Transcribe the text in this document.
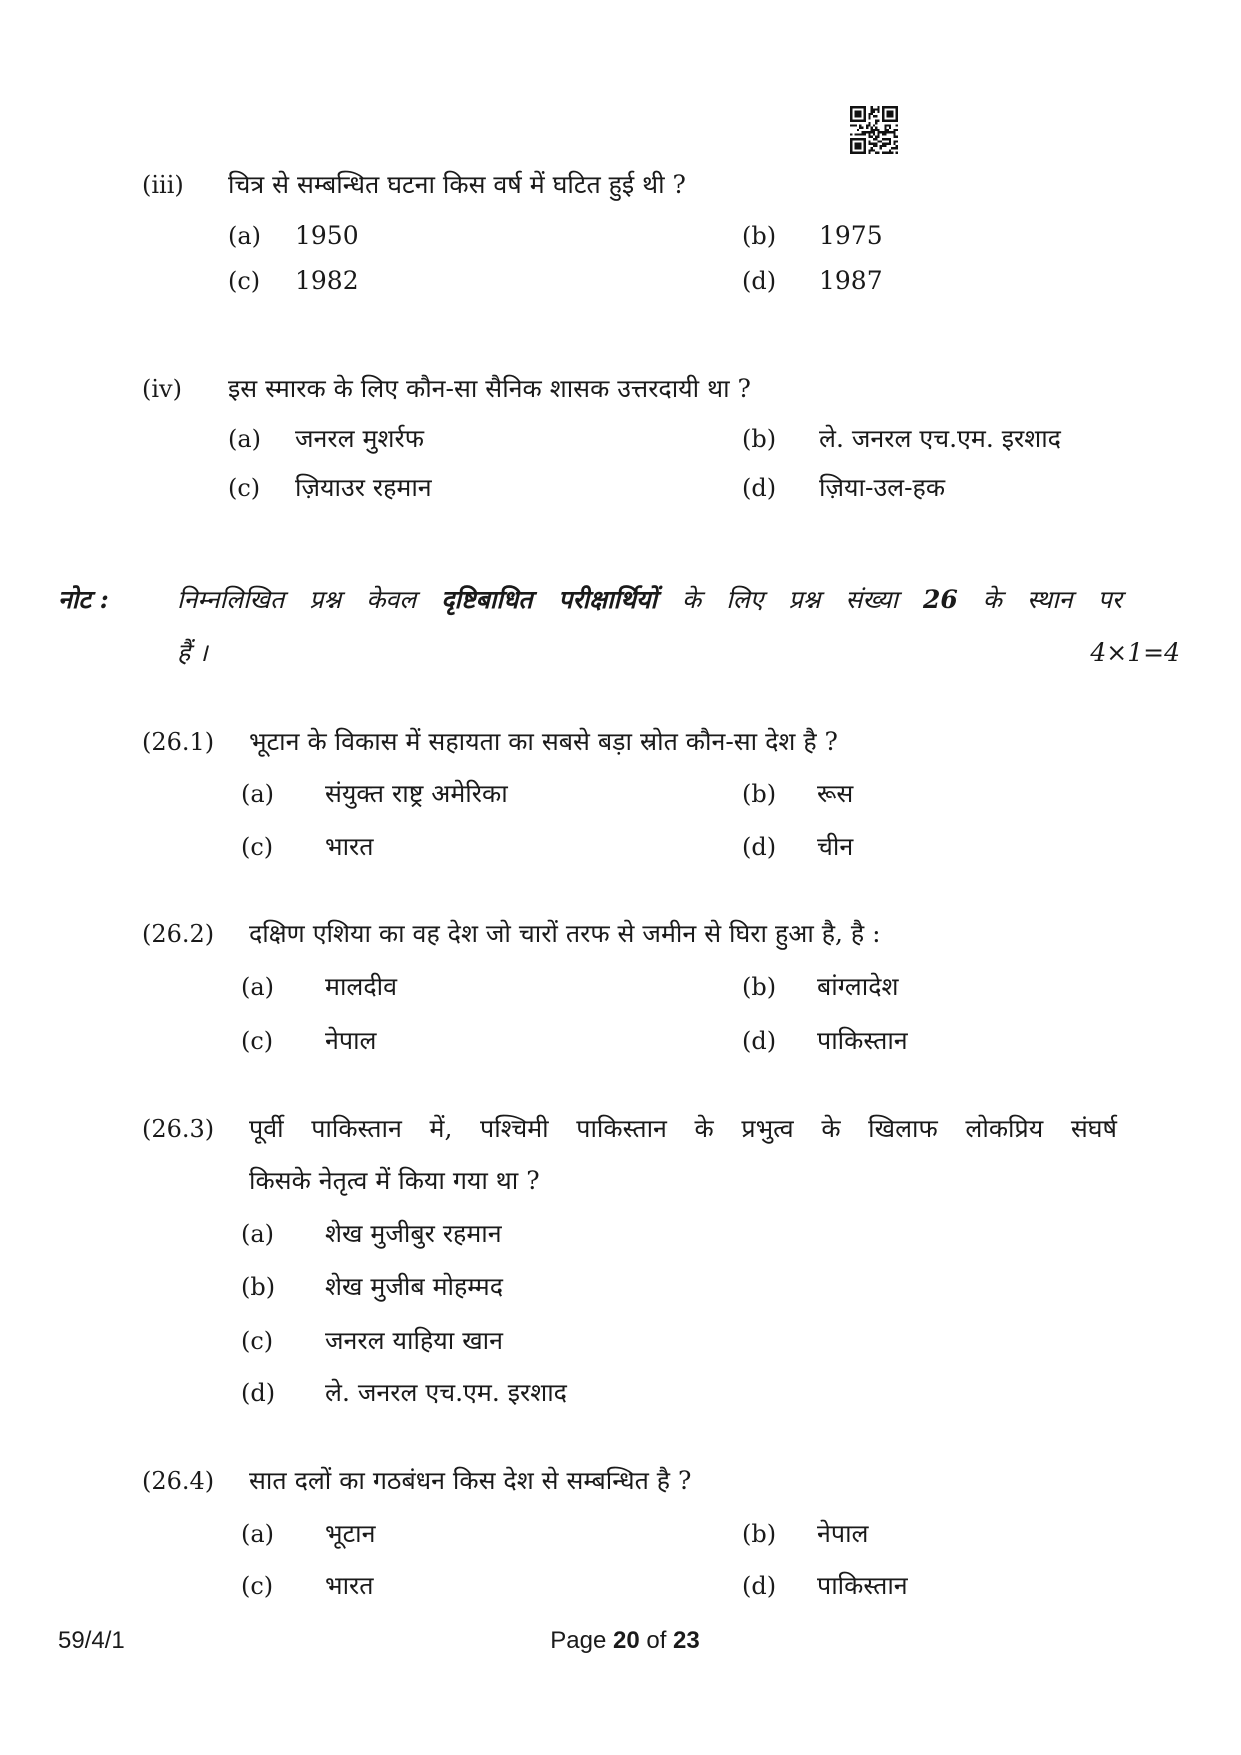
(iii) चित्र से सम्बन्धित घटना किस वर्ष में घटित हुई थी ?
(a) 1950	(b) 1975
(c) 1982	(d) 1987
(iv) इस स्मारक के लिए कौन-सा सैनिक शासक उत्तरदायी था ?
(a) जनरल मुशर्रफ	(b) ले. जनरल एच.एम. इरशाद
(c) ज़ियाउर रहमान	(d) ज़िया-उल-हक
नोट :	निम्नलिखित प्रश्न केवल दृष्टिबाधित परीक्षार्थियों के लिए प्रश्न संख्या 26 के स्थान पर
हैं ।	4×1=4
(26.1) भूटान के विकास में सहायता का सबसे बड़ा स्रोत कौन-सा देश है ?
(a) संयुक्त राष्ट्र अमेरिका	(b) रूस
(c) भारत	(d) चीन
(26.2) दक्षिण एशिया का वह देश जो चारों तरफ से जमीन से घिरा हुआ है, है :
(a) मालदीव	(b) बांग्लादेश
(c) नेपाल	(d) पाकिस्तान
(26.3) पूर्वी पाकिस्तान में, पश्चिमी पाकिस्तान के प्रभुत्व के खिलाफ लोकप्रिय संघर्ष
किसके नेतृत्व में किया गया था ?
(a) शेख मुजीबुर रहमान
(b) शेख मुजीब मोहम्मद
(c) जनरल याहिया खान
(d) ले. जनरल एच.एम. इरशाद
(26.4) सात दलों का गठबंधन किस देश से सम्बन्धित है ?
(a) भूटान	(b) नेपाल
(c) भारत	(d) पाकिस्तान
59/4/1	Page 20 of 23
